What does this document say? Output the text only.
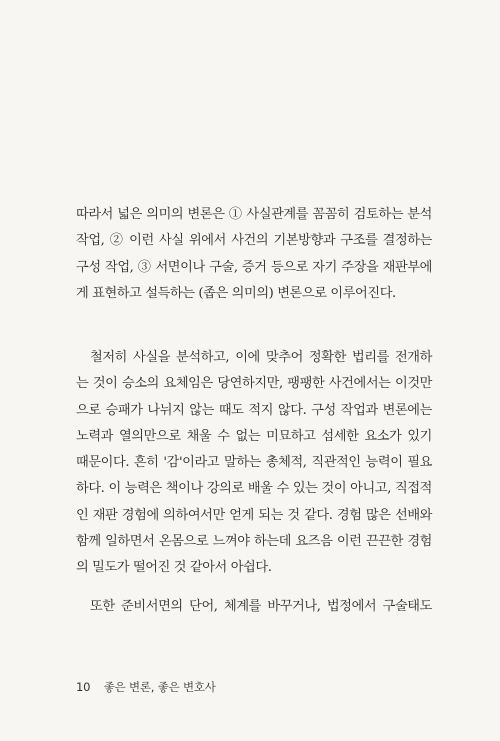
따라서 넓은 의미의 변론은 ① 사실관계를 꼼꼼히 검토하는 분석
작업, ② 이런 사실 위에서 사건의 기본방향과 구조를 결정하는
구성 작업, ③ 서면이나 구술, 증거 등으로 자기 주장을 재판부에
게 표현하고 설득하는 (좁은 의미의) 변론으로 이루어진다.
철저히 사실을 분석하고, 이에 맞추어 정확한 법리를 전개하
는 것이 승소의 요체임은 당연하지만, 팽팽한 사건에서는 이것만
으로 승패가 나뉘지 않는 때도 적지 않다. 구성 작업과 변론에는
노력과 열의만으로 채울 수 없는 미묘하고 섬세한 요소가 있기
때문이다. 흔히 '감'이라고 말하는 총체적, 직관적인 능력이 필요
하다. 이 능력은 책이나 강의로 배울 수 있는 것이 아니고, 직접적
인 재판 경험에 의하여서만 얻게 되는 것 같다. 경험 많은 선배와
함께 일하면서 온몸으로 느껴야 하는데 요즈음 이런 끈끈한 경험
의 밀도가 떨어진 것 같아서 아쉽다.
또한 준비서면의 단어, 체계를 바꾸거나, 법정에서 구술태도
10 좋은 변론, 좋은 변호사
